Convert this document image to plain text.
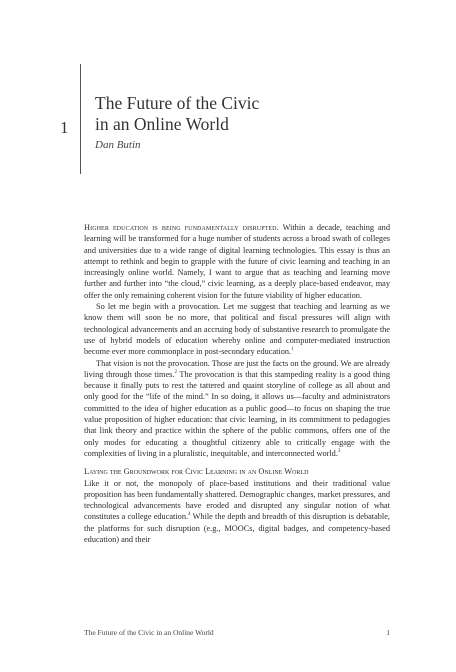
1
The Future of the Civic
in an Online World
Dan Butin

Higher education is being fundamentally disrupted. Within a decade, teaching and learning will be transformed for a huge number of students across a broad swath of colleges and universities due to a wide range of digital learning technologies. This essay is thus an attempt to rethink and begin to grapple with the future of civic learning and teaching in an increasingly online world. Namely, I want to argue that as teaching and learning move further and further into “the cloud,” civic learning, as a deeply place-based endeavor, may offer the only remaining coherent vision for the future viability of higher education.

So let me begin with a provocation. Let me suggest that teaching and learning as we know them will soon be no more, that political and fiscal pressures will align with technological advancements and an accruing body of substantive research to promulgate the use of hybrid models of education whereby online and computer-mediated instruction become ever more commonplace in post-secondary education.$^1$

That vision is not the provocation. Those are just the facts on the ground. We are already living through those times.$^2$ The provocation is that this stampeding reality is a good thing because it finally puts to rest the tattered and quaint storyline of college as all about and only good for the “life of the mind.” In so doing, it allows us—faculty and administrators committed to the idea of higher education as a public good—to focus on shaping the true value proposition of higher education: that civic learning, in its commitment to pedagogies that link theory and practice within the sphere of the public commons, offers one of the only modes for educating a thoughtful citizenry able to critically engage with the complexities of living in a pluralistic, inequitable, and interconnected world.$^3$

Laying the Groundwork for Civic Learning in an Online World

Like it or not, the monopoly of place-based institutions and their traditional value proposition has been fundamentally shattered. Demographic changes, market pressures, and technological advancements have eroded and disrupted any singular notion of what constitutes a college education.$^4$ While the depth and breadth of this disruption is debatable, the platforms for such disruption (e.g., MOOCs, digital badges, and competency-based education) and their

The Future of the Civic in an Online World	1
